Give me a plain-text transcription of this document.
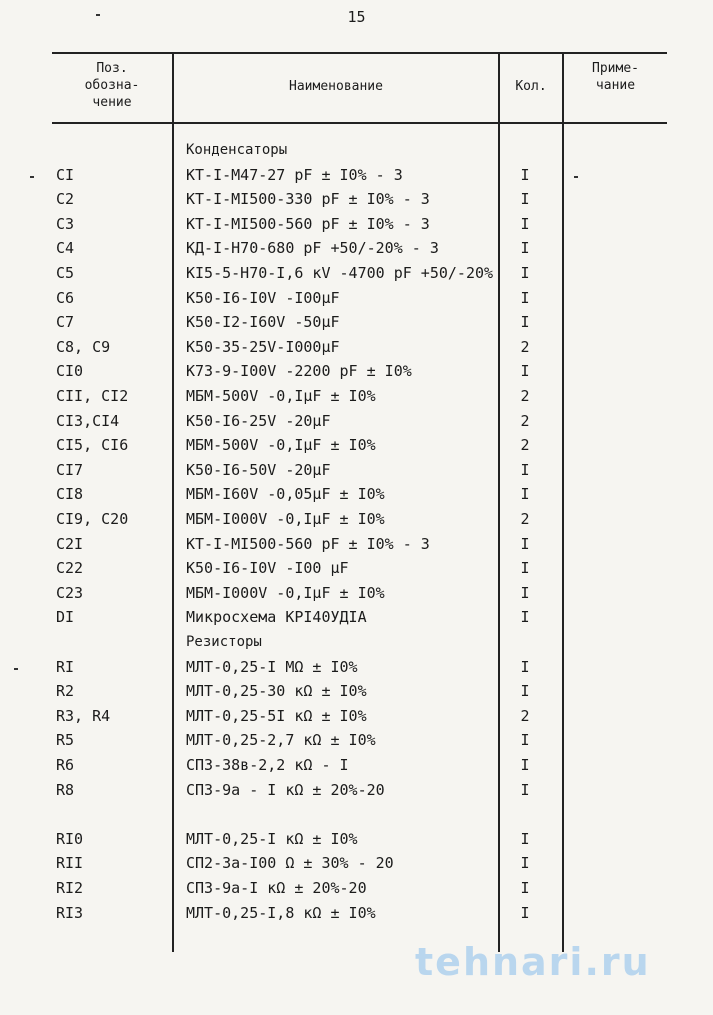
15
Поз.
обозна-
чение
Наименование	Кол.
Приме-
чание
Конденсаторы
CI	КТ-I-М47-27 pF ± I0% - 3	I
C2	КТ-I-МI500-330 pF ± I0% - 3	I
C3	КТ-I-МI500-560 pF ± I0% - 3	I
C4	КД-I-Н70-680 pF +50/-20% - 3	I
C5	КI5-5-Н70-I,6 кV -4700 pF +50/-20%	I
C6	К50-I6-I0V -I00µF	I
C7	К50-I2-I60V -50µF	I
C8, C9	К50-35-25V-I000µF	2
CI0	К73-9-I00V -2200 pF ± I0%	I
CII, CI2	МБМ-500V -0,IµF ± I0%	2
CI3,CI4	К50-I6-25V -20µF	2
CI5, CI6	МБМ-500V -0,IµF ± I0%	2
CI7	К50-I6-50V -20µF	I
CI8	МБМ-I60V -0,05µF ± I0%	I
CI9, C20	МБМ-I000V -0,IµF ± I0%	2
C2I	КТ-I-МI500-560 pF ± I0% - 3	I
C22	К50-I6-I0V -I00 µF	I
C23	МБМ-I000V -0,IµF ± I0%	I
DI	Микросхема КРI40УДIА	I
Резисторы
RI	МЛТ-0,25-I МΩ ± I0%	I
R2	МЛТ-0,25-30 кΩ ± I0%	I
R3, R4	МЛТ-0,25-5I кΩ ± I0%	2
R5	МЛТ-0,25-2,7 кΩ ± I0%	I
R6	СП3-38в-2,2 кΩ - I	I
R8	СП3-9а - I кΩ ± 20%-20	I
RI0	МЛТ-0,25-I кΩ ± I0%	I
RII	СП2-3а-I00 Ω ± 30% - 20	I
RI2	СП3-9а-I кΩ ± 20%-20	I
RI3	МЛТ-0,25-I,8 кΩ ± I0%	I
tehnari.ru
